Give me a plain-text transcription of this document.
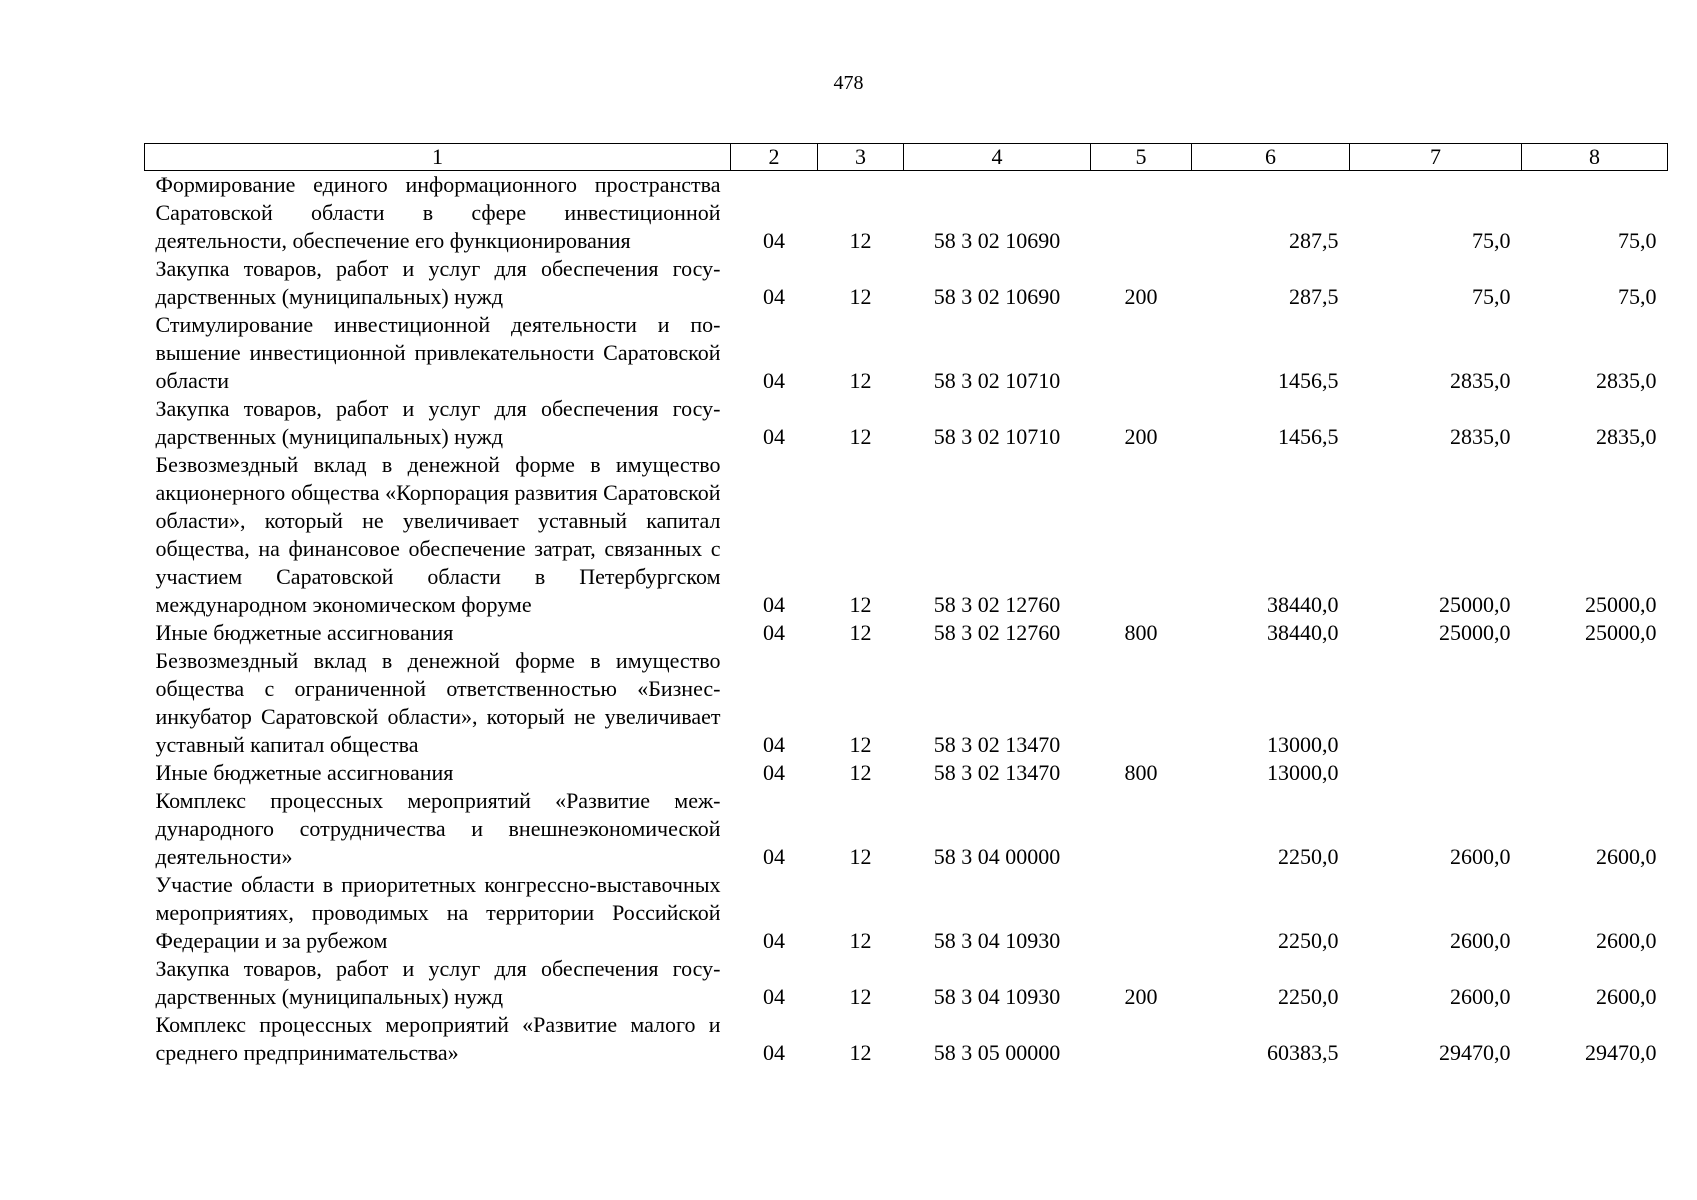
478
1	2	3	4	5	6	7	8
Формирование единого информационного пространства Саратовской области в сфере инвестиционной деятельности, обеспечение его функционирования	04	12	58 3 02 10690		287,5	75,0	75,0
Закупка товаров, работ и услуг для обеспечения государственных (муниципальных) нужд	04	12	58 3 02 10690	200	287,5	75,0	75,0
Стимулирование инвестиционной деятельности и повышение инвестиционной привлекательности Саратовской области	04	12	58 3 02 10710		1456,5	2835,0	2835,0
Закупка товаров, работ и услуг для обеспечения государственных (муниципальных) нужд	04	12	58 3 02 10710	200	1456,5	2835,0	2835,0
Безвозмездный вклад в денежной форме в имущество акционерного общества «Корпорация развития Саратовской области», который не увеличивает уставный капитал общества, на финансовое обеспечение затрат, связанных с участием Саратовской области в Петербургском международном экономическом форуме	04	12	58 3 02 12760		38440,0	25000,0	25000,0
Иные бюджетные ассигнования	04	12	58 3 02 12760	800	38440,0	25000,0	25000,0
Безвозмездный вклад в денежной форме в имущество общества с ограниченной ответственностью «Бизнес-инкубатор Саратовской области», который не увеличивает уставный капитал общества	04	12	58 3 02 13470		13000,0		
Иные бюджетные ассигнования	04	12	58 3 02 13470	800	13000,0		
Комплекс процессных мероприятий «Развитие международного сотрудничества и внешнеэкономической деятельности»	04	12	58 3 04 00000		2250,0	2600,0	2600,0
Участие области в приоритетных конгрессно-выставочных мероприятиях, проводимых на территории Российской Федерации и за рубежом	04	12	58 3 04 10930		2250,0	2600,0	2600,0
Закупка товаров, работ и услуг для обеспечения государственных (муниципальных) нужд	04	12	58 3 04 10930	200	2250,0	2600,0	2600,0
Комплекс процессных мероприятий «Развитие малого и среднего предпринимательства»	04	12	58 3 05 00000		60383,5	29470,0	29470,0
